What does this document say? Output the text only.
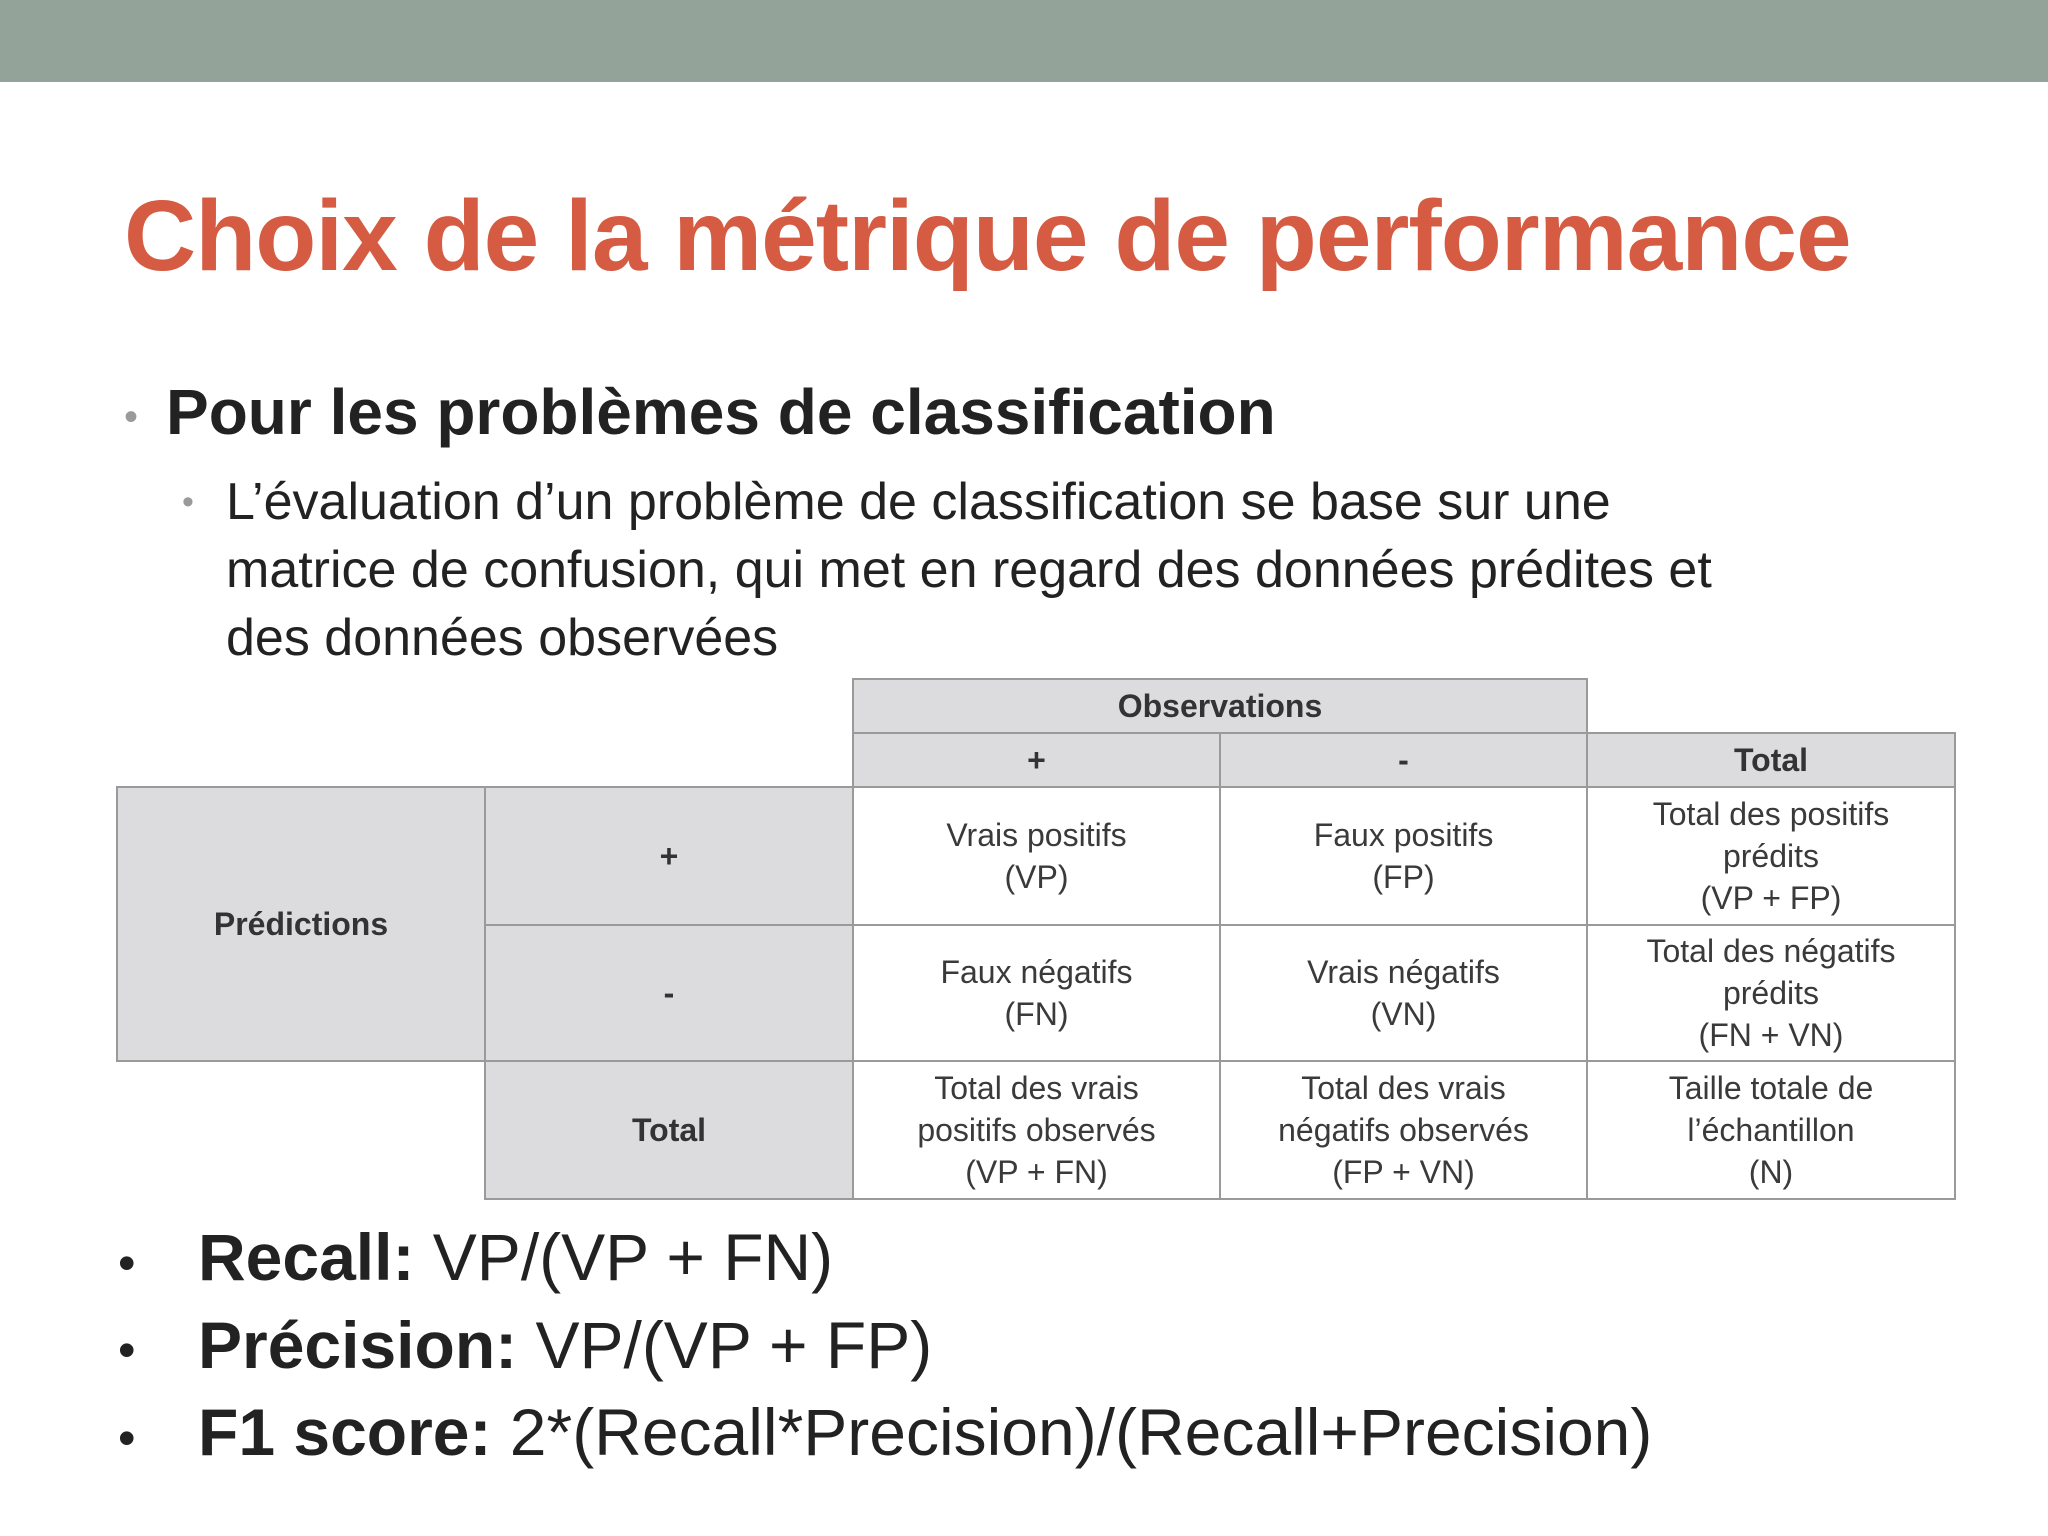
Choix de la métrique de performance
• Pour les problèmes de classification
• L’évaluation d’un problème de classification se base sur une
matrice de confusion, qui met en regard des données prédites et
des données observées
Observations
+	-	Total
Prédictions
+
-
Total
Vrais positifs
(VP)
Faux positifs
(FP)
Total des positifs
prédits
(VP + FP)
Faux négatifs
(FN)
Vrais négatifs
(VN)
Total des négatifs
prédits
(FN + VN)
Total des vrais
positifs observés
(VP + FN)
Total des vrais
négatifs observés
(FP + VN)
Taille totale de
l’échantillon
(N)
• Recall: VP/(VP + FN)
• Précision: VP/(VP + FP)
• F1 score: 2*(Recall*Precision)/(Recall+Precision)
